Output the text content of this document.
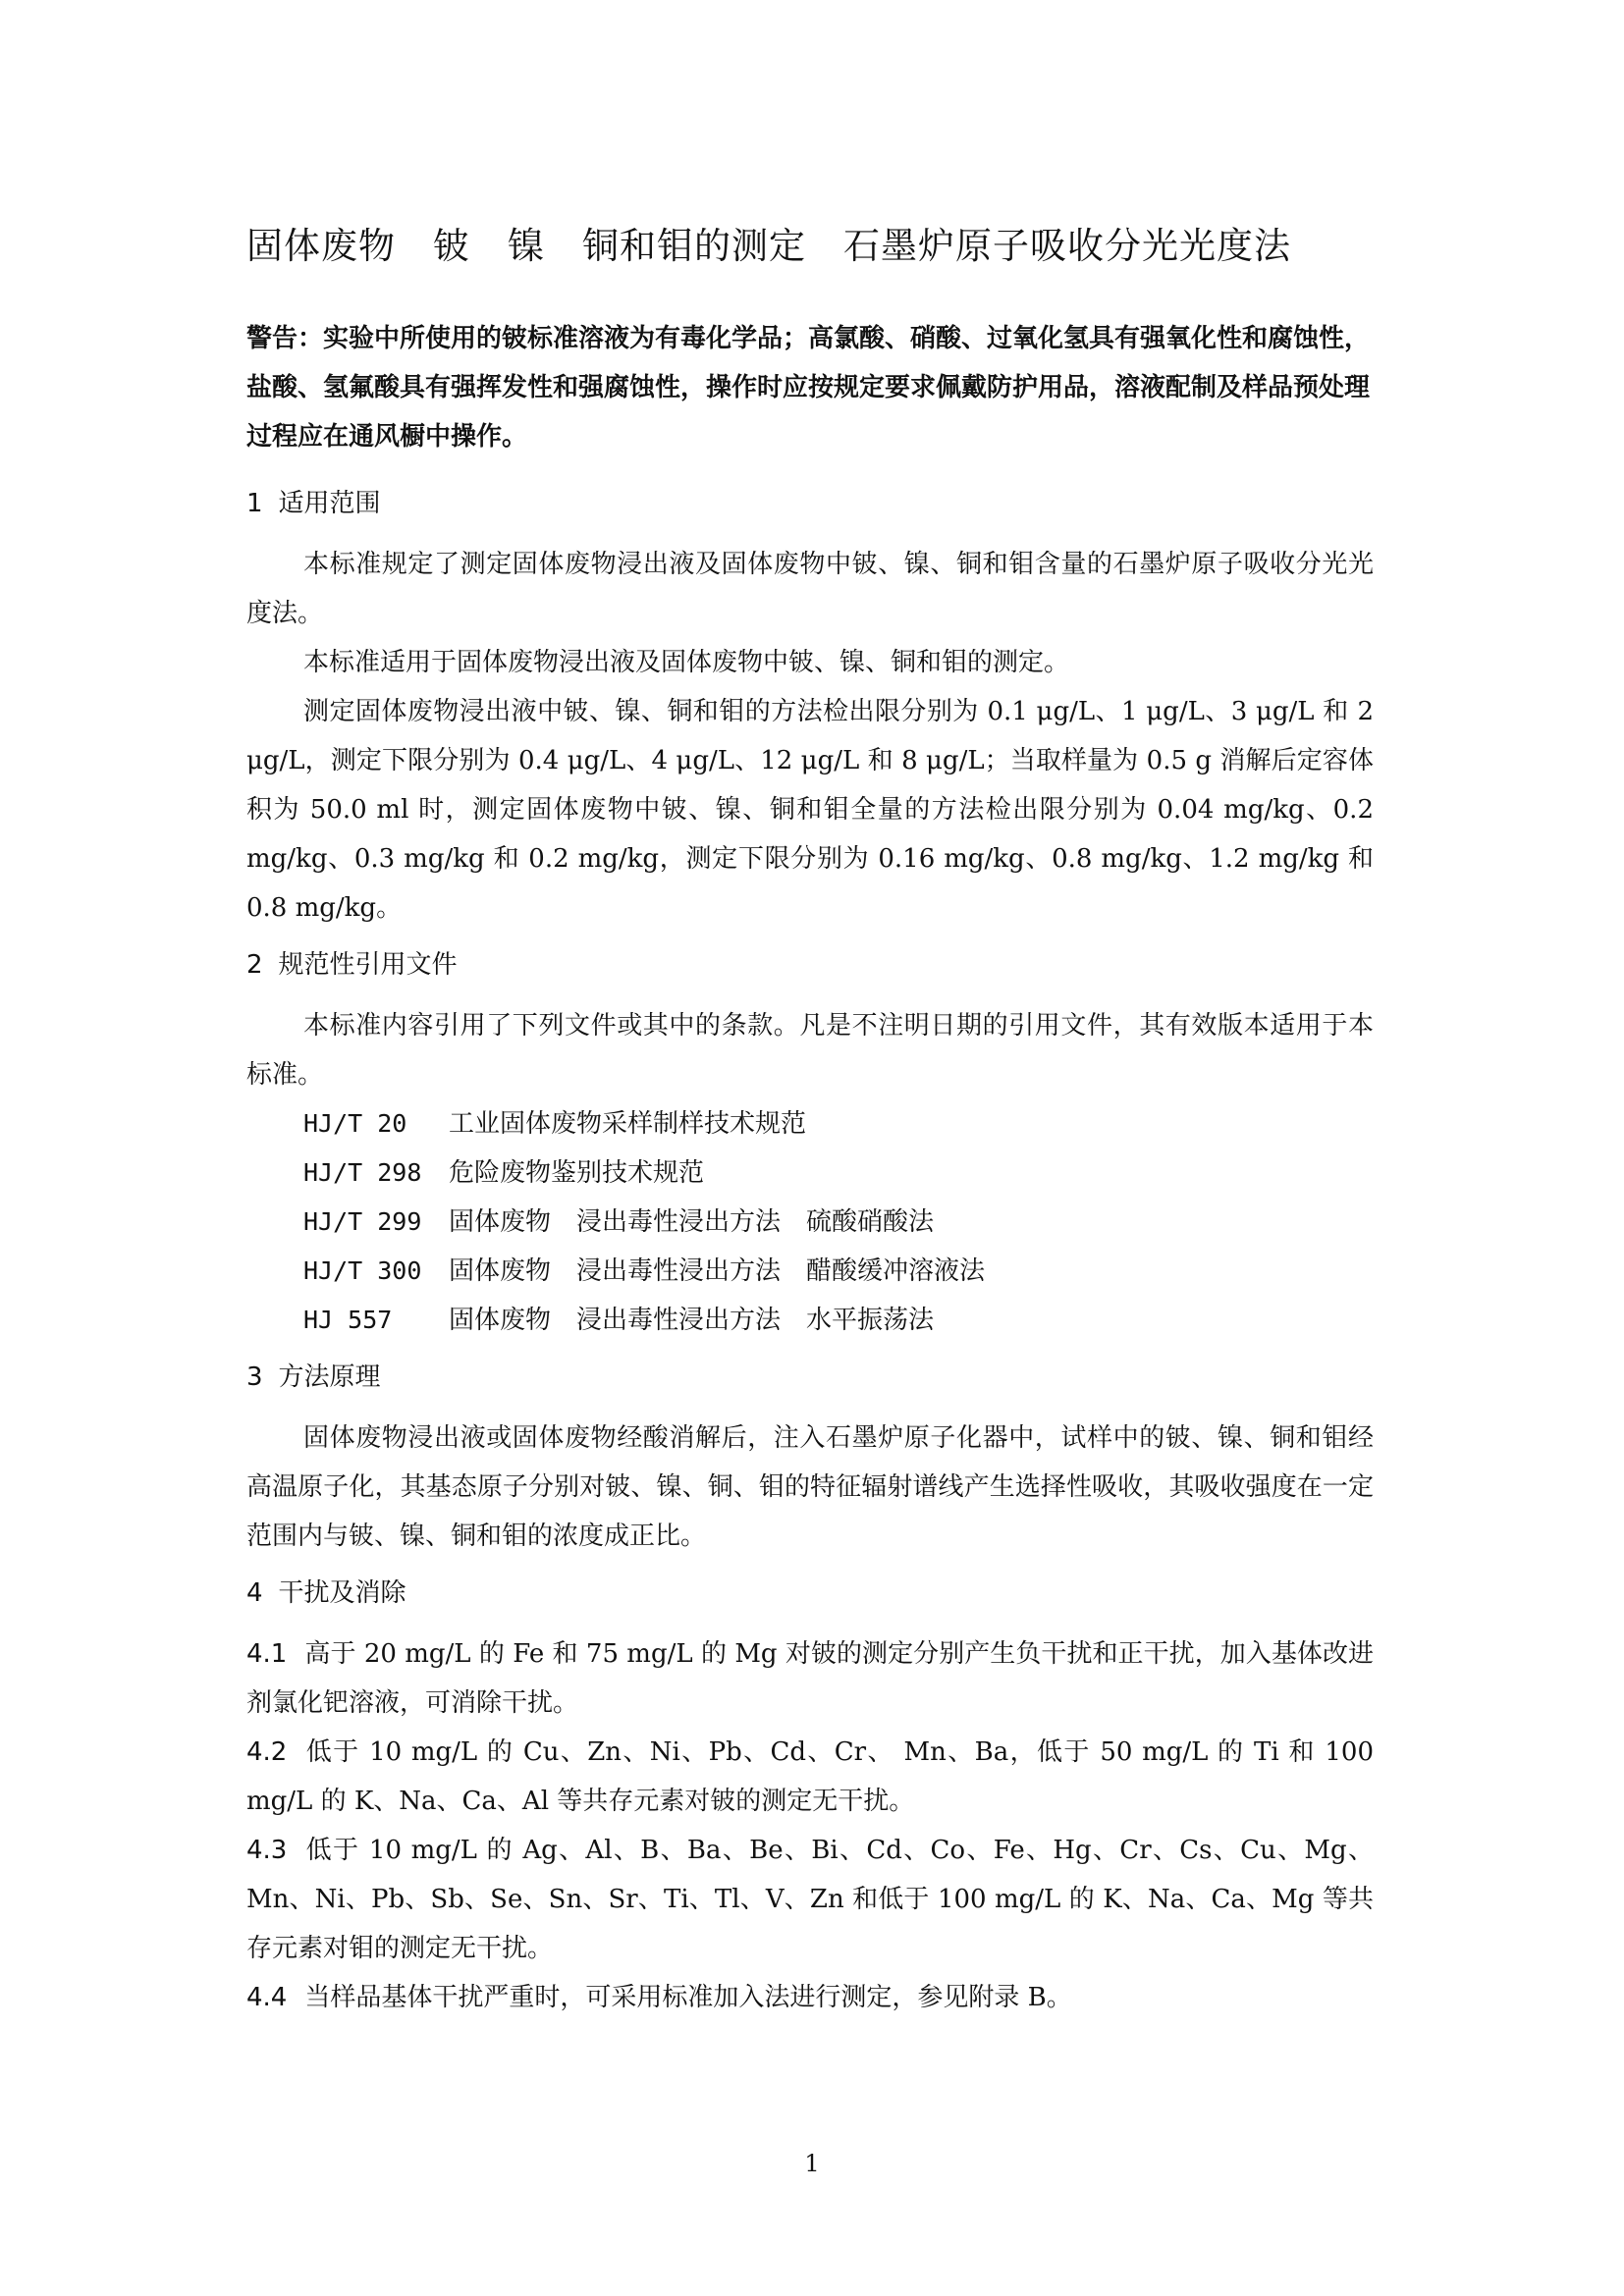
固体废物　铍　镍　铜和钼的测定　石墨炉原子吸收分光光度法

警告：实验中所使用的铍标准溶液为有毒化学品；高氯酸、硝酸、过氧化氢具有强氧化性和腐蚀性，盐酸、氢氟酸具有强挥发性和强腐蚀性，操作时应按规定要求佩戴防护用品，溶液配制及样品预处理过程应在通风橱中操作。

1 适用范围

本标准规定了测定固体废物浸出液及固体废物中铍、镍、铜和钼含量的石墨炉原子吸收分光光度法。

本标准适用于固体废物浸出液及固体废物中铍、镍、铜和钼的测定。

测定固体废物浸出液中铍、镍、铜和钼的方法检出限分别为 0.1 μg/L、1 μg/L、3 μg/L 和 2 μg/L，测定下限分别为 0.4 μg/L、4 μg/L、12 μg/L 和 8 μg/L；当取样量为 0.5 g 消解后定容体积为 50.0 ml 时，测定固体废物中铍、镍、铜和钼全量的方法检出限分别为 0.04 mg/kg、0.2 mg/kg、0.3 mg/kg 和 0.2 mg/kg，测定下限分别为 0.16 mg/kg、0.8 mg/kg、1.2 mg/kg 和 0.8 mg/kg。

2 规范性引用文件

本标准内容引用了下列文件或其中的条款。凡是不注明日期的引用文件，其有效版本适用于本标准。

HJ/T 20	工业固体废物采样制样技术规范
HJ/T 298	危险废物鉴别技术规范
HJ/T 299	固体废物　浸出毒性浸出方法　硫酸硝酸法
HJ/T 300	固体废物　浸出毒性浸出方法　醋酸缓冲溶液法
HJ 557	固体废物　浸出毒性浸出方法　水平振荡法
3 方法原理

固体废物浸出液或固体废物经酸消解后，注入石墨炉原子化器中，试样中的铍、镍、铜和钼经高温原子化，其基态原子分别对铍、镍、铜、钼的特征辐射谱线产生选择性吸收，其吸收强度在一定范围内与铍、镍、铜和钼的浓度成正比。

4 干扰及消除

4.1 高于 20 mg/L 的 Fe 和 75 mg/L 的 Mg 对铍的测定分别产生负干扰和正干扰，加入基体改进剂氯化钯溶液，可消除干扰。

4.2 低于 10 mg/L 的 Cu、Zn、Ni、Pb、Cd、Cr、 Mn、Ba，低于 50 mg/L 的 Ti 和 100 mg/L 的 K、Na、Ca、Al 等共存元素对铍的测定无干扰。

4.3 低于 10 mg/L 的 Ag、Al、B、Ba、Be、Bi、Cd、Co、Fe、Hg、Cr、Cs、Cu、Mg、Mn、Ni、Pb、Sb、Se、Sn、Sr、Ti、Tl、V、Zn 和低于 100 mg/L 的 K、Na、Ca、Mg 等共存元素对钼的测定无干扰。

4.4 当样品基体干扰严重时，可采用标准加入法进行测定，参见附录 B。

1
